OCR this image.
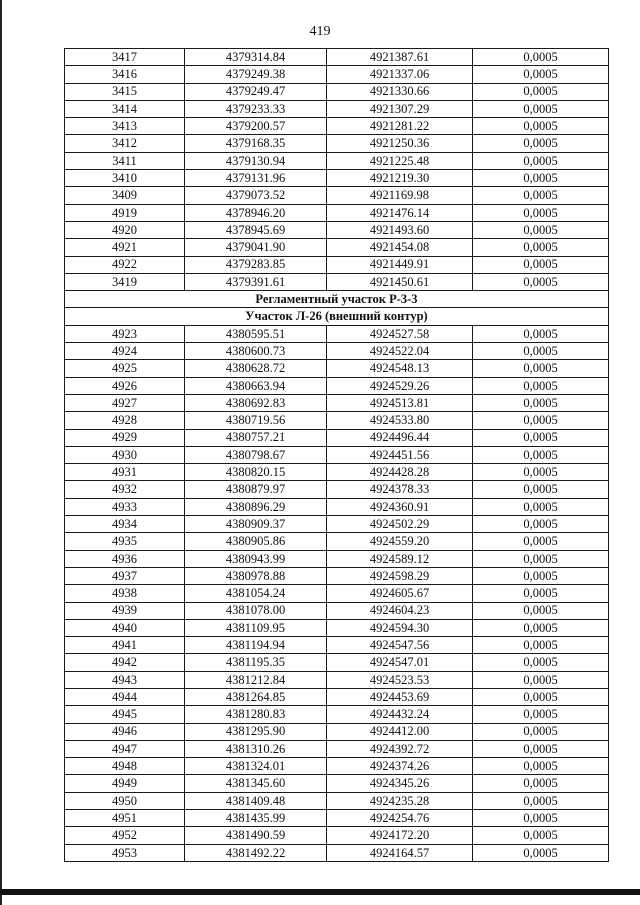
419
3417	4379314.84	4921387.61	0,0005
3416	4379249.38	4921337.06	0,0005
3415	4379249.47	4921330.66	0,0005
3414	4379233.33	4921307.29	0,0005
3413	4379200.57	4921281.22	0,0005
3412	4379168.35	4921250.36	0,0005
3411	4379130.94	4921225.48	0,0005
3410	4379131.96	4921219.30	0,0005
3409	4379073.52	4921169.98	0,0005
4919	4378946.20	4921476.14	0,0005
4920	4378945.69	4921493.60	0,0005
4921	4379041.90	4921454.08	0,0005
4922	4379283.85	4921449.91	0,0005
3419	4379391.61	4921450.61	0,0005
Регламентный участок Р-3-3			
Участок Л-26 (внешний контур)			
4923	4380595.51	4924527.58	0,0005
4924	4380600.73	4924522.04	0,0005
4925	4380628.72	4924548.13	0,0005
4926	4380663.94	4924529.26	0,0005
4927	4380692.83	4924513.81	0,0005
4928	4380719.56	4924533.80	0,0005
4929	4380757.21	4924496.44	0,0005
4930	4380798.67	4924451.56	0,0005
4931	4380820.15	4924428.28	0,0005
4932	4380879.97	4924378.33	0,0005
4933	4380896.29	4924360.91	0,0005
4934	4380909.37	4924502.29	0,0005
4935	4380905.86	4924559.20	0,0005
4936	4380943.99	4924589.12	0,0005
4937	4380978.88	4924598.29	0,0005
4938	4381054.24	4924605.67	0,0005
4939	4381078.00	4924604.23	0,0005
4940	4381109.95	4924594.30	0,0005
4941	4381194.94	4924547.56	0,0005
4942	4381195.35	4924547.01	0,0005
4943	4381212.84	4924523.53	0,0005
4944	4381264.85	4924453.69	0,0005
4945	4381280.83	4924432.24	0,0005
4946	4381295.90	4924412.00	0,0005
4947	4381310.26	4924392.72	0,0005
4948	4381324.01	4924374.26	0,0005
4949	4381345.60	4924345.26	0,0005
4950	4381409.48	4924235.28	0,0005
4951	4381435.99	4924254.76	0,0005
4952	4381490.59	4924172.20	0,0005
4953	4381492.22	4924164.57	0,0005
